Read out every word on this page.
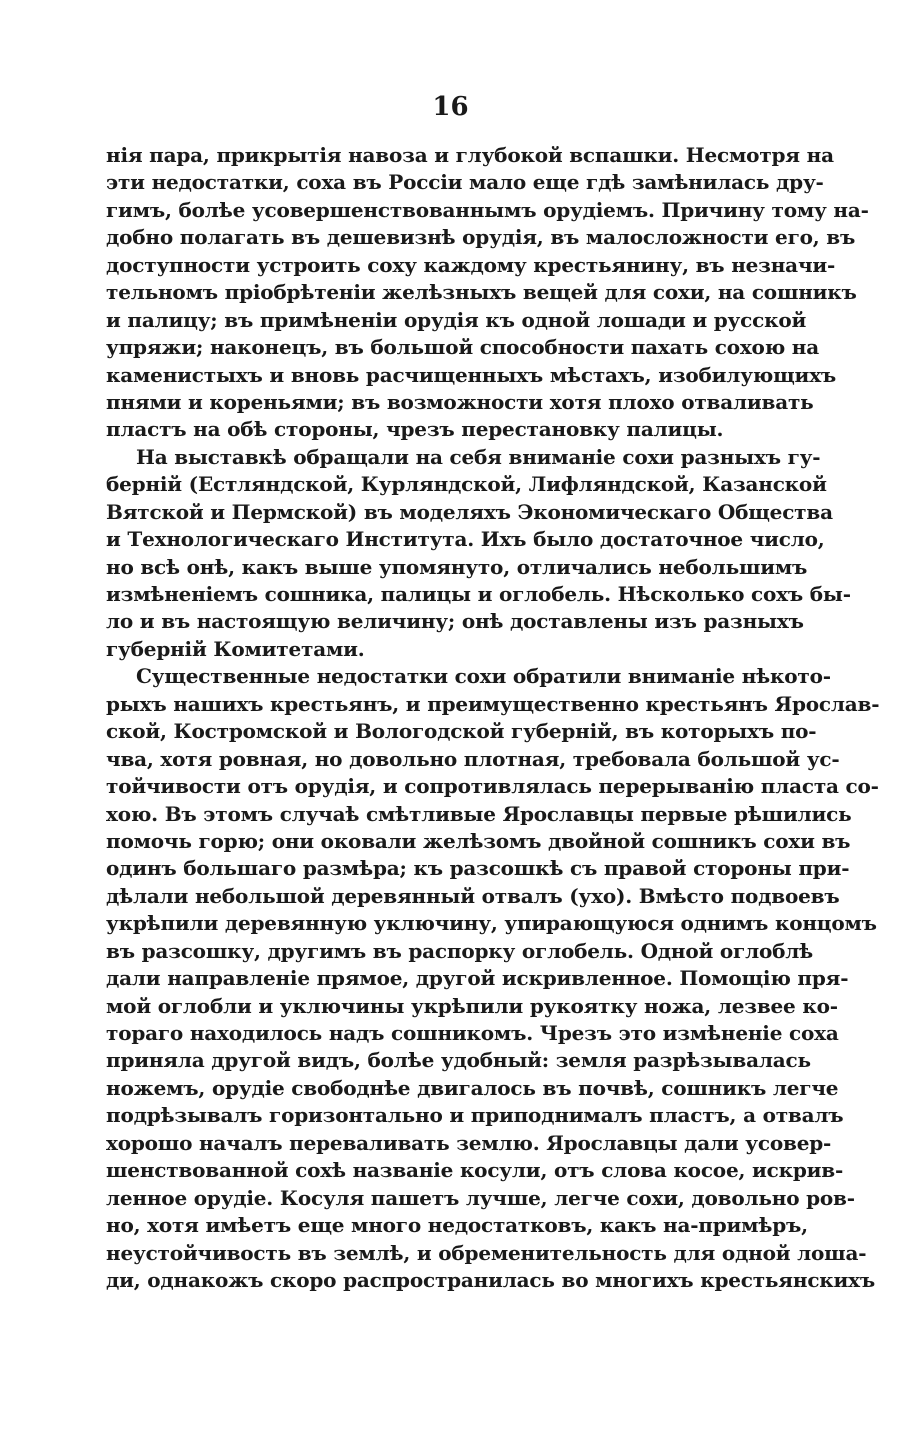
16
нія пара, прикрытія навоза и глубокой вспашки. Несмотря на
эти недостатки, соха въ Россіи мало еще гдѣ замѣнилась дру-
гимъ, болѣе усовершенствованнымъ орудіемъ. Причину тому на-
добно полагать въ дешевизнѣ орудія, въ малосложности его, въ
доступности устроить соху каждому крестьянину, въ незначи-
тельномъ пріобрѣтеніи желѣзныхъ вещей для сохи, на сошникъ
и палицу; въ примѣненіи орудія къ одной лошади и русской
упряжи; наконецъ, въ большой способности пахать сохою на
каменистыхъ и вновь расчищенныхъ мѣстахъ, изобилующихъ
пнями и кореньями; въ возможности хотя плохо отваливать
пластъ на обѣ стороны, чрезъ перестановку палицы.
На выставкѣ обращали на себя вниманіе сохи разныхъ гу-
берній (Естляндской, Курляндской, Лифляндской, Казанской
Вятской и Пермской) въ моделяхъ Экономическаго Общества
и Технологическаго Института. Ихъ было достаточное число,
но всѣ онѣ, какъ выше упомянуто, отличались небольшимъ
измѣненіемъ сошника, палицы и оглобель. Нѣсколько сохъ бы-
ло и въ настоящую величину; онѣ доставлены изъ разныхъ
губерній Комитетами.
Существенные недостатки сохи обратили вниманіе нѣкото-
рыхъ нашихъ крестьянъ, и преимущественно крестьянъ Ярослав-
ской, Костромской и Вологодской губерній, въ которыхъ по-
чва, хотя ровная, но довольно плотная, требовала большой ус-
тойчивости отъ орудія, и сопротивлялась перерыванію пласта со-
хою. Въ этомъ случаѣ смѣтливые Ярославцы первые рѣшились
помочь горю; они оковали желѣзомъ двойной сошникъ сохи въ
одинъ большаго размѣра; къ разсошкѣ съ правой стороны при-
дѣлали небольшой деревянный отвалъ (ухо). Вмѣсто подвоевъ
укрѣпили деревянную уключину, упирающуюся однимъ концомъ
въ разсошку, другимъ въ распорку оглобель. Одной оглоблѣ
дали направленіе прямое, другой искривленное. Помощію пря-
мой оглобли и уключины укрѣпили рукоятку ножа, лезвее ко-
тораго находилось надъ сошникомъ. Чрезъ это измѣненіе соха
приняла другой видъ, болѣе удобный: земля разрѣзывалась
ножемъ, орудіе свободнѣе двигалось въ почвѣ, сошникъ легче
подрѣзывалъ горизонтально и приподнималъ пластъ, а отвалъ
хорошо началъ переваливать землю. Ярославцы дали усовер-
шенствованной сохѣ названіе косули, отъ слова косое, искрив-
ленное орудіе. Косуля пашетъ лучше, легче сохи, довольно ров-
но, хотя имѣетъ еще много недостатковъ, какъ на-примѣръ,
неустойчивость въ землѣ, и обременительность для одной лоша-
ди, однакожъ скоро распространилась во многихъ крестьянскихъ
